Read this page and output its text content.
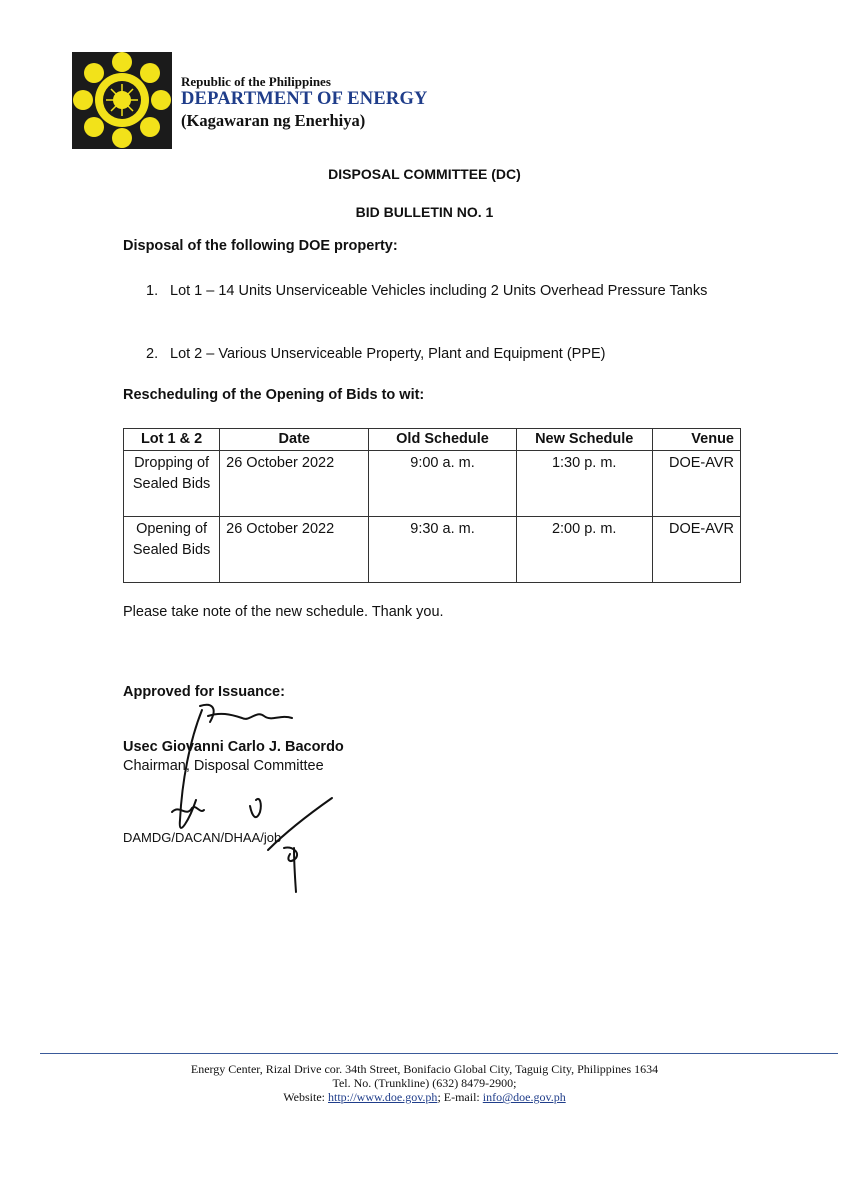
Republic of the Philippines
DEPARTMENT OF ENERGY
(Kagawaran ng Enerhiya)
DISPOSAL COMMITTEE (DC)
BID BULLETIN NO. 1
Disposal of the following DOE property:
1. Lot 1 – 14 Units Unserviceable Vehicles including 2 Units Overhead Pressure Tanks
2. Lot 2 – Various Unserviceable Property, Plant and Equipment (PPE)
Rescheduling of the Opening of Bids to wit:
Lot 1 & 2	Date	Old Schedule	New Schedule	Venue
Dropping of Sealed Bids	26 October 2022	9:00 a. m.	1:30 p. m.	DOE-AVR
Opening of Sealed Bids	26 October 2022	9:30 a. m.	2:00 p. m.	DOE-AVR
Please take note of the new schedule. Thank you.
Approved for Issuance:
Usec Giovanni Carlo J. Bacordo
Chairman, Disposal Committee
DAMDG/DACAN/DHAA/job
Energy Center, Rizal Drive cor. 34th Street, Bonifacio Global City, Taguig City, Philippines 1634
Tel. No. (Trunkline) (632) 8479-2900;
Website: http://www.doe.gov.ph; E-mail: info@doe.gov.ph
